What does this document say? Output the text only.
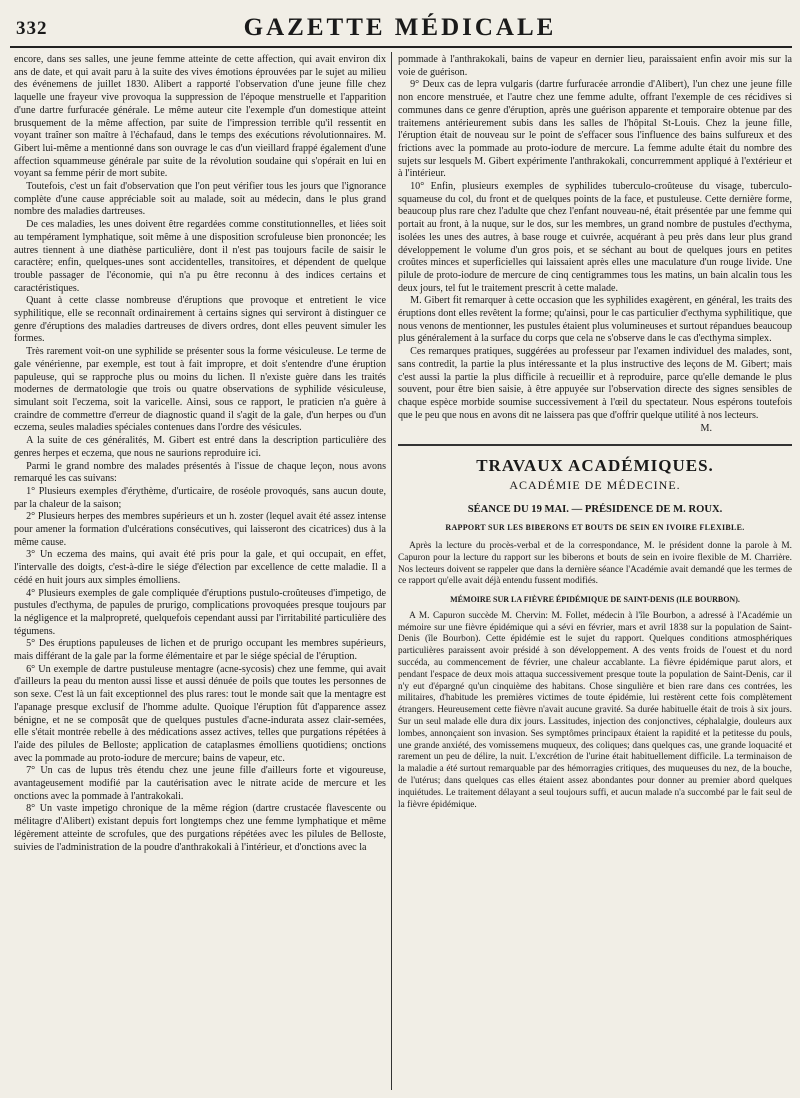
332	GAZETTE MÉDICALE

encore, dans ses salles, une jeune femme atteinte de cette affection, qui avait environ dix ans de date, et qui avait paru à la suite des vives émotions éprouvées par le sujet au milieu des événemens de juillet 1830. Alibert a rapporté l'observation d'une jeune fille chez laquelle une frayeur vive provoqua la suppression de l'époque menstruelle et l'apparition d'une dartre furfuracée générale. Le même auteur cite l'exemple d'un domestique atteint brusquement de la même affection, par suite de l'impression terrible qu'il ressentit en voyant traîner son maître à l'échafaud, dans le temps des exécutions révolutionnaires. M. Gibert lui-même a mentionné dans son ouvrage le cas d'un vieillard frappé également d'une affection squammeuse générale par suite de la révolution soudaine qui s'opérait en lui en voyant sa femme périr de mort subite.

Toutefois, c'est un fait d'observation que l'on peut vérifier tous les jours que l'ignorance complète d'une cause appréciable soit au malade, soit au médecin, dans le plus grand nombre des maladies dartreuses.

De ces maladies, les unes doivent être regardées comme constitutionnelles, et liées soit au tempérament lymphatique, soit même à une disposition scrofuleuse bien prononcée; les autres tiennent à une diathèse particulière, dont il n'est pas toujours facile de saisir le caractère; enfin, quelques-unes sont accidentelles, transitoires, et dépendent de quelque trouble passager de l'économie, qui n'a pu être reconnu à des indices certains et caractéristiques.

Quant à cette classe nombreuse d'éruptions que provoque et entretient le vice syphilitique, elle se reconnaît ordinairement à certains signes qui serviront à distinguer ce genre d'éruptions des maladies dartreuses de divers ordres, dont elles peuvent simuler les formes.

Très rarement voit-on une syphilide se présenter sous la forme vésiculeuse. Le terme de gale vénérienne, par exemple, est tout à fait impropre, et doit s'entendre d'une éruption papuleuse, qui se rapproche plus ou moins du lichen. Il n'existe guère dans les traités modernes de dermatologie que trois ou quatre observations de syphilide vésiculeuse, simulant soit l'eczema, soit la varicelle. Ainsi, sous ce rapport, le praticien n'a guère à craindre de commettre d'erreur de diagnostic quand il s'agit de la gale, d'un herpes ou d'un eczema, seules maladies spéciales contenues dans l'ordre des vésicules.

A la suite de ces généralités, M. Gibert est entré dans la description particulière des genres herpes et eczema, que nous ne saurions reproduire ici.

Parmi le grand nombre des malades présentés à l'issue de chaque leçon, nous avons remarqué les cas suivans:

1° Plusieurs exemples d'érythème, d'urticaire, de roséole provoqués, sans aucun doute, par la chaleur de la saison;

2° Plusieurs herpes des membres supérieurs et un h. zoster (lequel avait été assez intense pour amener la formation d'ulcérations consécutives, qui laisseront des cicatrices) dus à la même cause.

3° Un eczema des mains, qui avait été pris pour la gale, et qui occupait, en effet, l'intervalle des doigts, c'est-à-dire le siége d'élection par excellence de cette maladie. Il a cédé en huit jours aux simples émolliens.

4° Plusieurs exemples de gale compliquée d'éruptions pustulo-croûteuses d'impetigo, de pustules d'ecthyma, de papules de prurigo, complications provoquées presque toujours par la négligence et la malpropreté, quelquefois cependant aussi par l'irritabilité particulière des tégumens.

5° Des éruptions papuleuses de lichen et de prurigo occupant les membres supérieurs, mais différant de la gale par la forme élémentaire et par le siége spécial de l'éruption.

6° Un exemple de dartre pustuleuse mentagre (acne-sycosis) chez une femme, qui avait d'ailleurs la peau du menton aussi lisse et aussi dénuée de poils que toutes les personnes de son sexe. C'est là un fait exceptionnel des plus rares: tout le monde sait que la mentagre est l'apanage presque exclusif de l'homme adulte. Quoique l'éruption fût d'apparence assez bénigne, et ne se composât que de quelques pustules d'acne-indurata assez clair-semées, elle s'était montrée rebelle à des médications assez actives, telles que purgations répétées à l'aide des pilules de Belloste; application de cataplasmes émolliens quotidiens; onctions avec la pommade au proto-iodure de mercure; bains de vapeur, etc.

7° Un cas de lupus très étendu chez une jeune fille d'ailleurs forte et vigoureuse, avantageusement modifié par la cautérisation avec le nitrate acide de mercure et les onctions avec la pommade à l'antrakokali.

8° Un vaste impetigo chronique de la même région (dartre crustacée flavescente ou mélitagre d'Alibert) existant depuis fort longtemps chez une femme lymphatique et même légèrement atteinte de scrofules, que des purgations répétées avec les pilules de Belloste, suivies de l'administration de la poudre d'anthrakokali à l'intérieur, et d'onctions avec la

pommade à l'anthrakokali, bains de vapeur en dernier lieu, paraissaient enfin avoir mis sur la voie de guérison.

9° Deux cas de lepra vulgaris (dartre furfuracée arrondie d'Alibert), l'un chez une jeune fille non encore menstruée, et l'autre chez une femme adulte, offrant l'exemple de ces récidives si communes dans ce genre d'éruption, après une guérison apparente et temporaire obtenue par des traitemens antérieurement subis dans les salles de l'hôpital St-Louis. Chez la jeune fille, l'éruption était de nouveau sur le point de s'effacer sous l'influence des bains sulfureux et des frictions avec la pommade au proto-iodure de mercure. La femme adulte était du nombre des sujets sur lesquels M. Gibert expérimente l'anthrakokali, concurremment appliqué à l'extérieur et à l'intérieur.

10° Enfin, plusieurs exemples de syphilides tuberculo-croûteuse du visage, tuberculo-squameuse du col, du front et de quelques points de la face, et pustuleuse. Cette dernière forme, beaucoup plus rare chez l'adulte que chez l'enfant nouveau-né, était présentée par une femme qui portait au front, à la nuque, sur le dos, sur les membres, un grand nombre de pustules d'ecthyma, isolées les unes des autres, à base rouge et cuivrée, acquérant à peu près dans leur plus grand développement le volume d'un gros pois, et se séchant au bout de quelques jours en petites croûtes minces et superficielles qui laissaient après elles une maculature d'un rouge livide. Une pilule de proto-iodure de mercure de cinq centigrammes tous les matins, un bain alcalin tous les deux jours, tel fut le traitement prescrit à cette malade.

M. Gibert fit remarquer à cette occasion que les syphilides exagèrent, en général, les traits des éruptions dont elles revêtent la forme; qu'ainsi, pour le cas particulier d'ecthyma syphilitique, que nous venons de mentionner, les pustules étaient plus volumineuses et surtout répandues beaucoup plus généralement à la surface du corps que cela ne s'observe dans le cas d'ecthyma simplex.

Ces remarques pratiques, suggérées au professeur par l'examen individuel des malades, sont, sans contredit, la partie la plus intéressante et la plus instructive des leçons de M. Gibert; mais c'est aussi la partie la plus difficile à recueillir et à reproduire, parce qu'elle demande le plus souvent, pour être bien saisie, à être appuyée sur l'observation directe des signes sensibles de chaque espèce morbide soumise successivement à l'œil du spectateur. Nous espérons toutefois que le peu que nous en avons dit ne laissera pas que d'offrir quelque utilité à nos lecteurs.

M.
TRAVAUX ACADÉMIQUES.
ACADÉMIE DE MÉDECINE.
SÉANCE DU 19 MAI. — PRÉSIDENCE DE M. ROUX.
RAPPORT SUR LES BIBERONS ET BOUTS DE SEIN EN IVOIRE FLEXIBLE.

Après la lecture du procès-verbal et de la correspondance, M. le président donne la parole à M. Capuron pour la lecture du rapport sur les biberons et bouts de sein en ivoire flexible de M. Charrière. Nos lecteurs doivent se rappeler que dans la dernière séance l'Académie avait demandé que les termes de ce rapport qu'elle avait déjà entendu fussent modifiés.

MÉMOIRE SUR LA FIÈVRE ÉPIDÉMIQUE DE SAINT-DENIS (ILE BOURBON).

A M. Capuron succède M. Chervin: M. Follet, médecin à l'île Bourbon, a adressé à l'Académie un mémoire sur une fièvre épidémique qui a sévi en février, mars et avril 1838 sur la population de Saint-Denis (île Bourbon). Cette épidémie est le sujet du rapport. Quelques conditions atmosphériques particulières paraissent avoir présidé à son développement. A des vents froids de l'ouest et du nord succéda, au commencement de février, une chaleur accablante. La fièvre épidémique parut alors, et pendant l'espace de deux mois attaqua successivement presque toute la population de Saint-Denis, car il n'y eut d'épargné qu'un cinquième des habitans. Chose singulière et bien rare dans ces contrées, les militaires, d'habitude les premières victimes de toute épidémie, lui restèrent cette fois complètement étrangers. Heureusement cette fièvre n'avait aucune gravité. Sa durée habituelle était de trois à six jours. Sur un seul malade elle dura dix jours. Lassitudes, injection des conjonctives, céphalalgie, douleurs aux lombes, annonçaient son invasion. Ses symptômes principaux étaient la rapidité et la petitesse du pouls, une grande anxiété, des vomissemens muqueux, des coliques; dans quelques cas, une grande loquacité et rarement un peu de délire, la nuit. L'excrétion de l'urine était habituellement difficile. La terminaison de la maladie a été surtout remarquable par des hémorragies critiques, des muqueuses du nez, de la bouche, de l'utérus; dans quelques cas elles étaient assez abondantes pour donner au premier abord quelques inquiétudes. Le traitement délayant a seul toujours suffi, et aucun malade n'a succombé par le fait seul de la fièvre épidémique.
